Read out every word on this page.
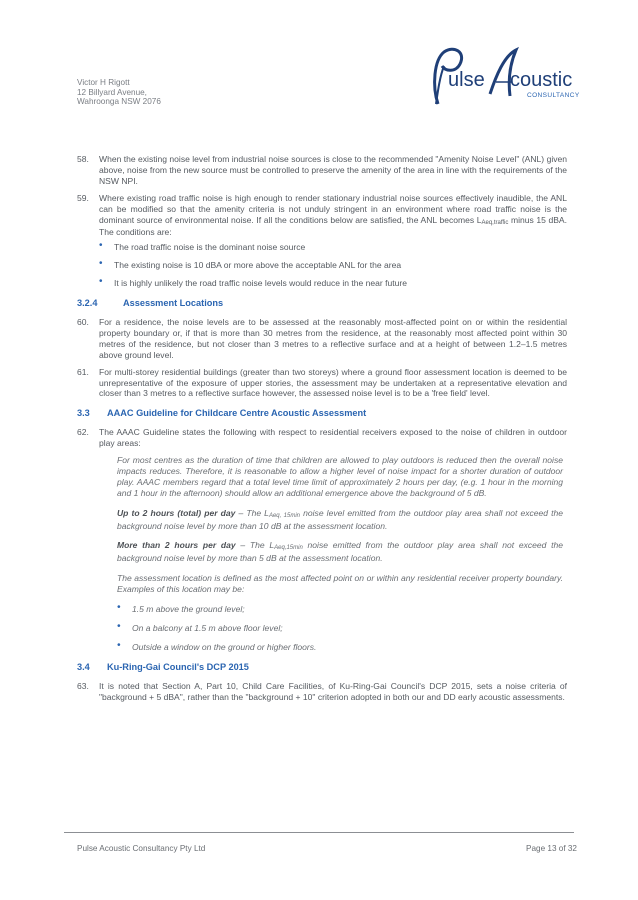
Victor H Rigott
12 Billyard Avenue,
Wahroonga NSW 2076
ulse coustic
CONSULTANCY
58. When the existing noise level from industrial noise sources is close to the recommended "Amenity Noise Level" (ANL) given above, noise from the new source must be controlled to preserve the amenity of the area in line with the requirements of the NSW NPI.
59. Where existing road traffic noise is high enough to render stationary industrial noise sources effectively inaudible, the ANL can be modified so that the amenity criteria is not unduly stringent in an environment where road traffic noise is the dominant source of environmental noise. If all the conditions below are satisfied, the ANL becomes $L_{Aeq,traffic}$ minus 15 dBA. The conditions are:
• The road traffic noise is the dominant noise source
• The existing noise is 10 dBA or more above the acceptable ANL for the area
• It is highly unlikely the road traffic noise levels would reduce in the near future
3.2.4	Assessment Locations
60. For a residence, the noise levels are to be assessed at the reasonably most-affected point on or within the residential property boundary or, if that is more than 30 metres from the residence, at the reasonably most affected point within 30 metres of the residence, but not closer than 3 metres to a reflective surface and at a height of between 1.2–1.5 metres above ground level.
61. For multi-storey residential buildings (greater than two storeys) where a ground floor assessment location is deemed to be unrepresentative of the exposure of upper stories, the assessment may be undertaken at a representative elevation and closer than 3 metres to a reflective surface however, the assessed noise level is to be a 'free field' level.
3.3 AAAC Guideline for Childcare Centre Acoustic Assessment
62. The AAAC Guideline states the following with respect to residential receivers exposed to the noise of children in outdoor play areas:

For most centres as the duration of time that children are allowed to play outdoors is reduced then the overall noise impacts reduces. Therefore, it is reasonable to allow a higher level of noise impact for a shorter duration of outdoor play. AAAC members regard that a total level time limit of approximately 2 hours per day, (e.g. 1 hour in the morning and 1 hour in the afternoon) should allow an additional emergence above the background of 5 dB.

Up to 2 hours (total) per day – The $L_{Aeq, 15min}$ noise level emitted from the outdoor play area shall not exceed the background noise level by more than 10 dB at the assessment location.

More than 2 hours per day – The $L_{Aeq,15min}$ noise emitted from the outdoor play area shall not exceed the background noise level by more than 5 dB at the assessment location.

The assessment location is defined as the most affected point on or within any residential receiver property boundary. Examples of this location may be:

• 1.5 m above the ground level;
• On a balcony at 1.5 m above floor level;
• Outside a window on the ground or higher floors.
3.4 Ku-Ring-Gai Council's DCP 2015
63. It is noted that Section A, Part 10, Child Care Facilities, of Ku-Ring-Gai Council's DCP 2015, sets a noise criteria of "background + 5 dBA", rather than the "background + 10" criterion adopted in both our and DD early acoustic assessments.
Pulse Acoustic Consultancy Pty Ltd	Page 13 of 32
